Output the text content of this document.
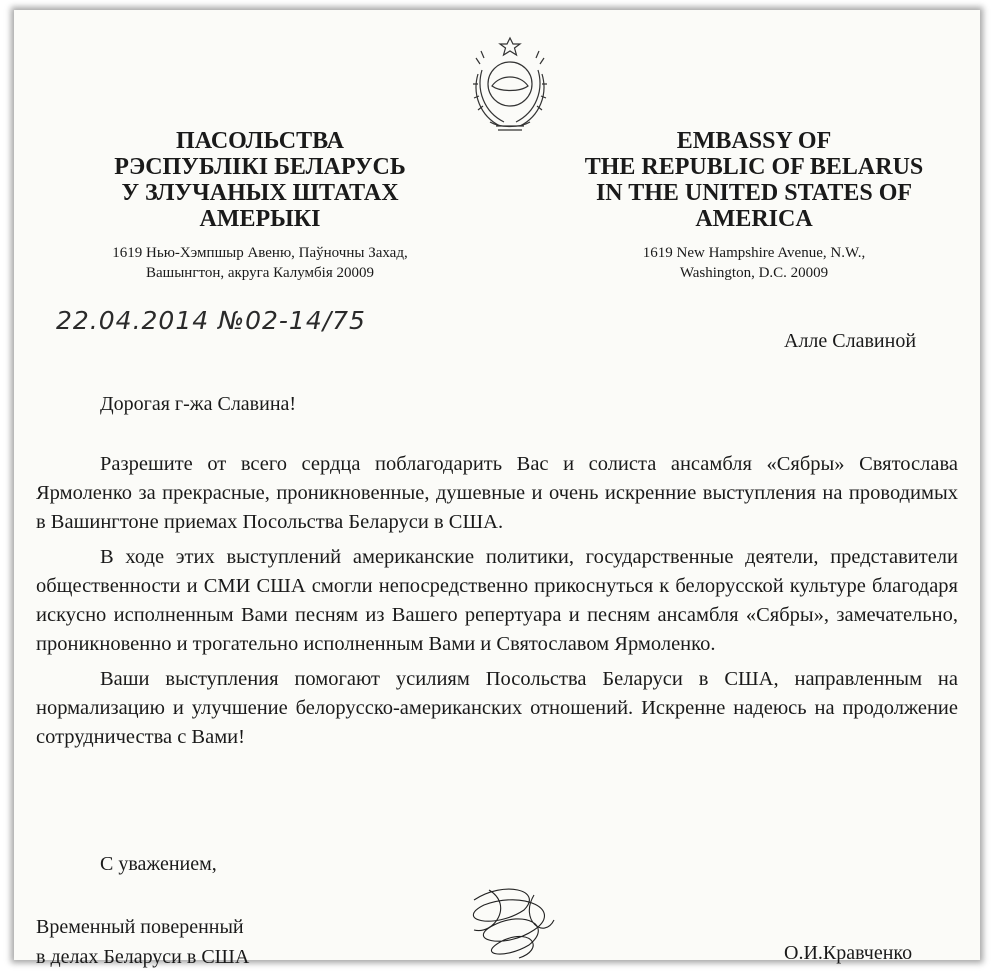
ПАСОЛЬСТВА
РЭСПУБЛІКІ БЕЛАРУСЬ
У ЗЛУЧАНЫХ ШТАТАХ
АМЕРЫКІ
EMBASSY OF
THE REPUBLIC OF BELARUS
IN THE UNITED STATES OF
AMERICA
1619 Нью-Хэмпшыр Авеню, Паўночны Захад,
Вашынгтон, акруга Калумбія 20009
1619 New Hampshire Avenue, N.W.,
Washington, D.C. 20009
22.04.2014 №02-14/75
Алле Славиной
Дорогая г-жа Славина!

Разрешите от всего сердца поблагодарить Вас и солиста ансамбля «Сябры» Святослава Ярмоленко за прекрасные, проникновенные, душевные и очень искренние выступления на проводимых в Вашингтоне приемах Посольства Беларуси в США.

В ходе этих выступлений американские политики, государственные деятели, представители общественности и СМИ США смогли непосредственно прикоснуться к белорусской культуре благодаря искусно исполненным Вами песням из Вашего репертуара и песням ансамбля «Сябры», замечательно, проникновенно и трогательно исполненным Вами и Святославом Ярмоленко.

Ваши выступления помогают усилиям Посольства Беларуси в США, направленным на нормализацию и улучшение белорусско-американских отношений. Искренне надеюсь на продолжение сотрудничества с Вами!

С уважением,
Временный поверенный
в делах Беларуси в США	О.И.Кравченко
